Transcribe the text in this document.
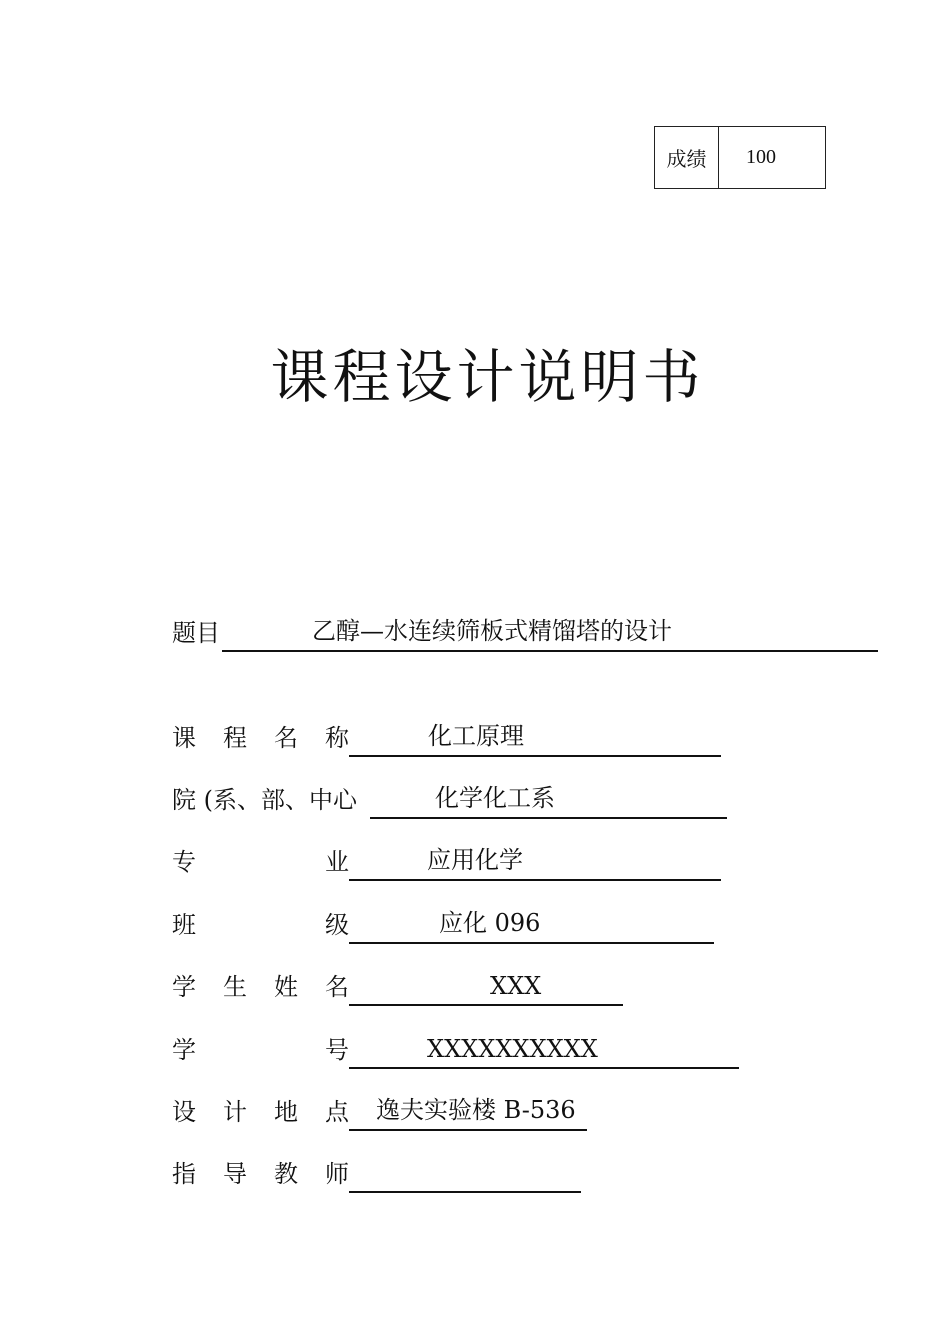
成绩	100
课程设计说明书
题目	乙醇—水连续筛板式精馏塔的设计
课 程 名 称	化工原理
院 (系、部、中心	化学化工系
专	业	应用化学
班	级	应化 096
学 生 姓 名	XXX
学	号	XXXXXXXXXX
设 计 地 点 逸夫实验楼 B-536
指 导 教 师
